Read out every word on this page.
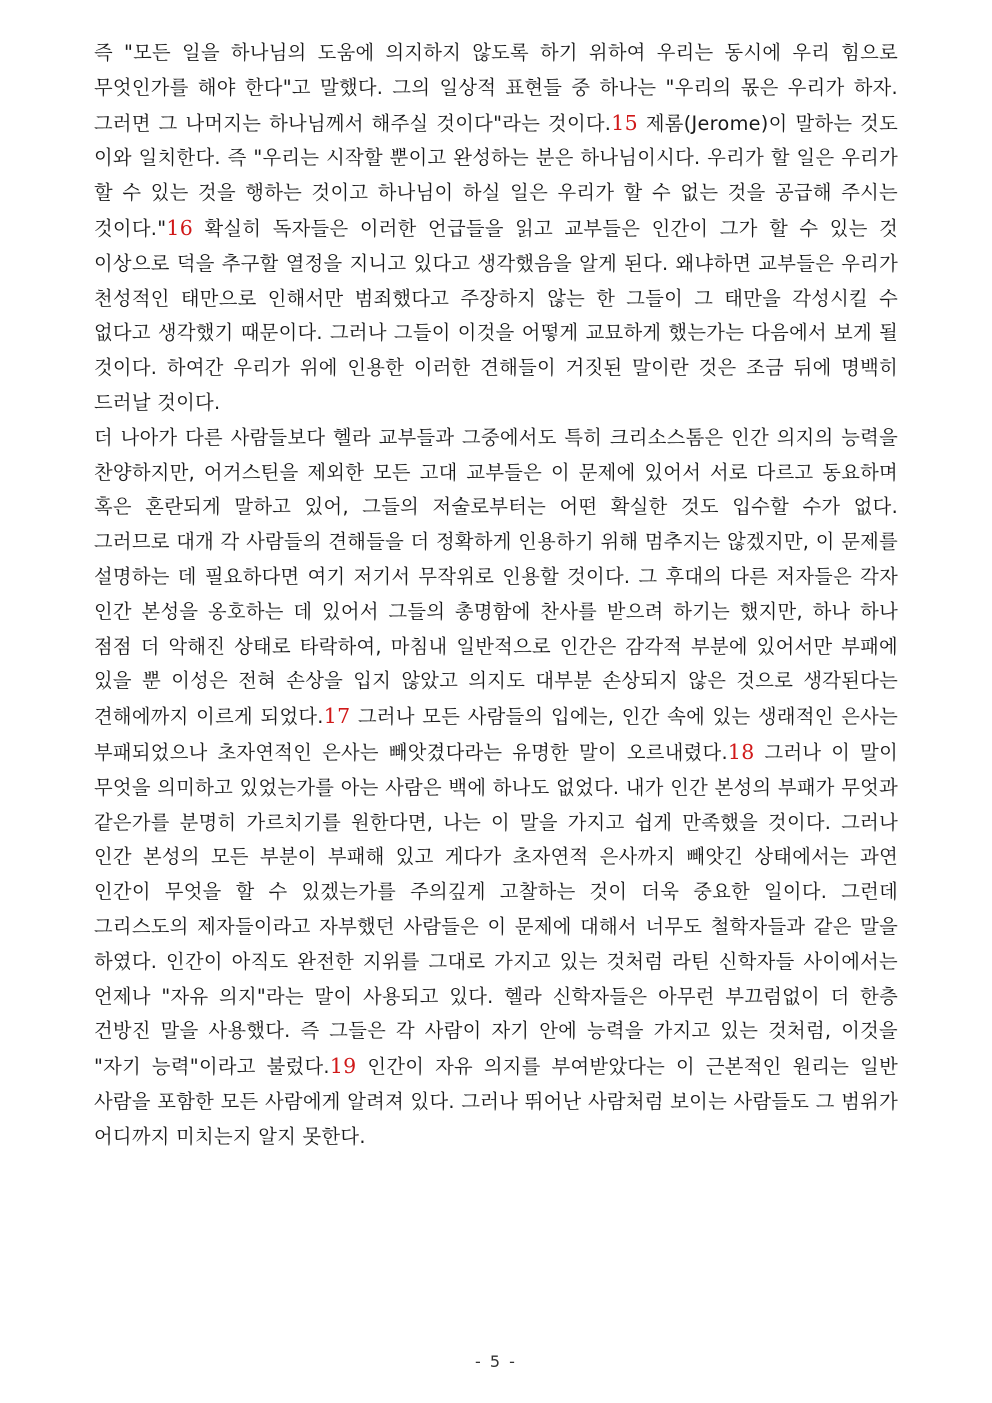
즉 "모든 일을 하나님의 도움에 의지하지 않도록 하기 위하여 우리는 동시에 우리 힘으로 무엇인가를 해야 한다"고 말했다. 그의 일상적 표현들 중 하나는 "우리의 몫은 우리가 하자. 그러면 그 나머지는 하나님께서 해주실 것이다"라는 것이다.15 제롬(Jerome)이 말하는 것도 이와 일치한다. 즉 "우리는 시작할 뿐이고 완성하는 분은 하나님이시다. 우리가 할 일은 우리가 할 수 있는 것을 행하는 것이고 하나님이 하실 일은 우리가 할 수 없는 것을 공급해 주시는 것이다."16 확실히 독자들은 이러한 언급들을 읽고 교부들은 인간이 그가 할 수 있는 것 이상으로 덕을 추구할 열정을 지니고 있다고 생각했음을 알게 된다. 왜냐하면 교부들은 우리가 천성적인 태만으로 인해서만 범죄했다고 주장하지 않는 한 그들이 그 태만을 각성시킬 수 없다고 생각했기 때문이다. 그러나 그들이 이것을 어떻게 교묘하게 했는가는 다음에서 보게 될 것이다. 하여간 우리가 위에 인용한 이러한 견해들이 거짓된 말이란 것은 조금 뒤에 명백히 드러날 것이다.

더 나아가 다른 사람들보다 헬라 교부들과 그중에서도 특히 크리소스톰은 인간 의지의 능력을 찬양하지만, 어거스틴을 제외한 모든 고대 교부들은 이 문제에 있어서 서로 다르고 동요하며 혹은 혼란되게 말하고 있어, 그들의 저술로부터는 어떤 확실한 것도 입수할 수가 없다. 그러므로 대개 각 사람들의 견해들을 더 정확하게 인용하기 위해 멈추지는 않겠지만, 이 문제를 설명하는 데 필요하다면 여기 저기서 무작위로 인용할 것이다. 그 후대의 다른 저자들은 각자 인간 본성을 옹호하는 데 있어서 그들의 총명함에 찬사를 받으려 하기는 했지만, 하나 하나 점점 더 악해진 상태로 타락하여, 마침내 일반적으로 인간은 감각적 부분에 있어서만 부패에 있을 뿐 이성은 전혀 손상을 입지 않았고 의지도 대부분 손상되지 않은 것으로 생각된다는 견해에까지 이르게 되었다.17 그러나 모든 사람들의 입에는, 인간 속에 있는 생래적인 은사는 부패되었으나 초자연적인 은사는 빼앗겼다라는 유명한 말이 오르내렸다.18 그러나 이 말이 무엇을 의미하고 있었는가를 아는 사람은 백에 하나도 없었다. 내가 인간 본성의 부패가 무엇과 같은가를 분명히 가르치기를 원한다면, 나는 이 말을 가지고 쉽게 만족했을 것이다. 그러나 인간 본성의 모든 부분이 부패해 있고 게다가 초자연적 은사까지 빼앗긴 상태에서는 과연 인간이 무엇을 할 수 있겠는가를 주의깊게 고찰하는 것이 더욱 중요한 일이다. 그런데 그리스도의 제자들이라고 자부했던 사람들은 이 문제에 대해서 너무도 철학자들과 같은 말을 하였다. 인간이 아직도 완전한 지위를 그대로 가지고 있는 것처럼 라틴 신학자들 사이에서는 언제나 "자유 의지"라는 말이 사용되고 있다. 헬라 신학자들은 아무런 부끄럼없이 더 한층 건방진 말을 사용했다. 즉 그들은 각 사람이 자기 안에 능력을 가지고 있는 것처럼, 이것을 "자기 능력"이라고 불렀다.19 인간이 자유 의지를 부여받았다는 이 근본적인 원리는 일반 사람을 포함한 모든 사람에게 알려져 있다. 그러나 뛰어난 사람처럼 보이는 사람들도 그 범위가 어디까지 미치는지 알지 못한다.

- 5 -
